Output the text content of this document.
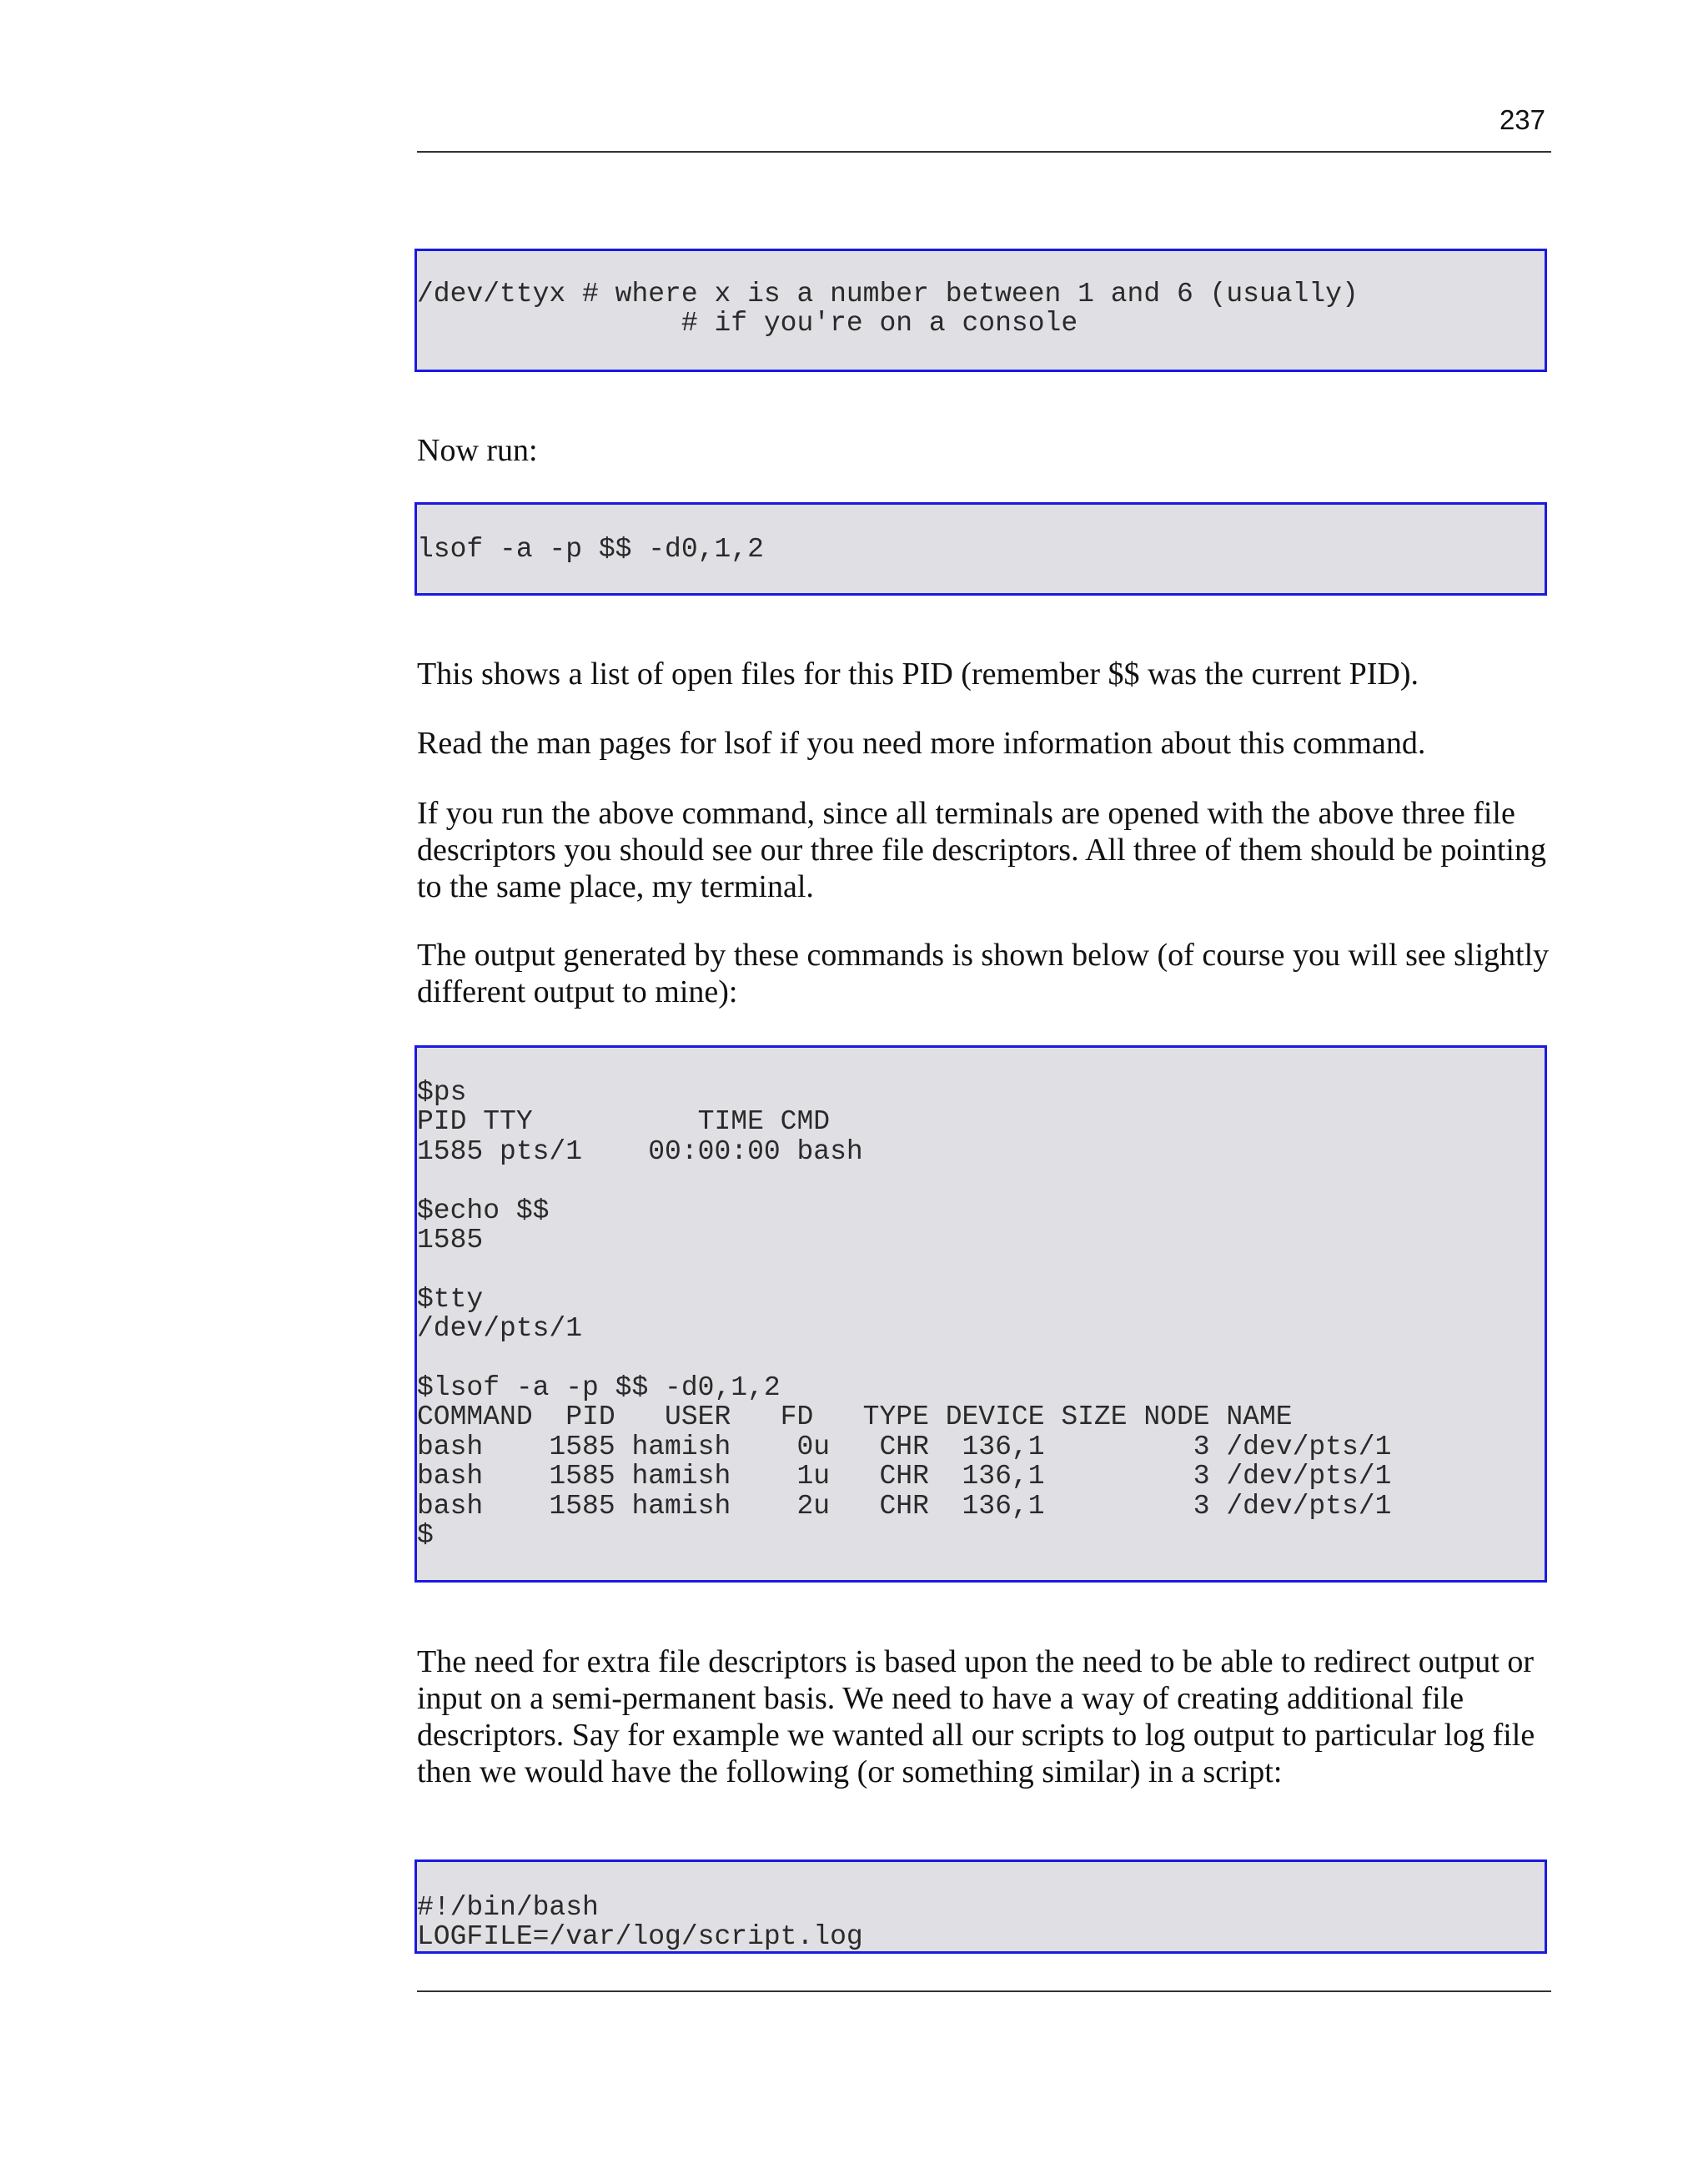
237
/dev/ttyx # where x is a number between 1 and 6 (usually)
# if you're on a console

Now run:

lsof -a -p $$ -d0,1,2

This shows a list of open files for this PID (remember $$ was the current PID).

Read the man pages for lsof if you need more information about this command.

If you run the above command, since all terminals are opened with the above three file descriptors you should see our three file descriptors. All three of them should be pointing to the same place, my terminal.

The output generated by these commands is shown below (of course you will see slightly different output to mine):

$ps
PID TTY          TIME CMD
1585 pts/1    00:00:00 bash

$echo $$
1585

$tty
/dev/pts/1

$lsof -a -p $$ -d0,1,2
COMMAND  PID   USER   FD   TYPE DEVICE SIZE NODE NAME
bash    1585 hamish    0u   CHR  136,1         3 /dev/pts/1
bash    1585 hamish    1u   CHR  136,1         3 /dev/pts/1
bash    1585 hamish    2u   CHR  136,1         3 /dev/pts/1
$

The need for extra file descriptors is based upon the need to be able to redirect output or input on a semi-permanent basis. We need to have a way of creating additional file descriptors. Say for example we wanted all our scripts to log output to particular log file then we would have the following (or something similar) in a script:

#!/bin/bash
LOGFILE=/var/log/script.log
